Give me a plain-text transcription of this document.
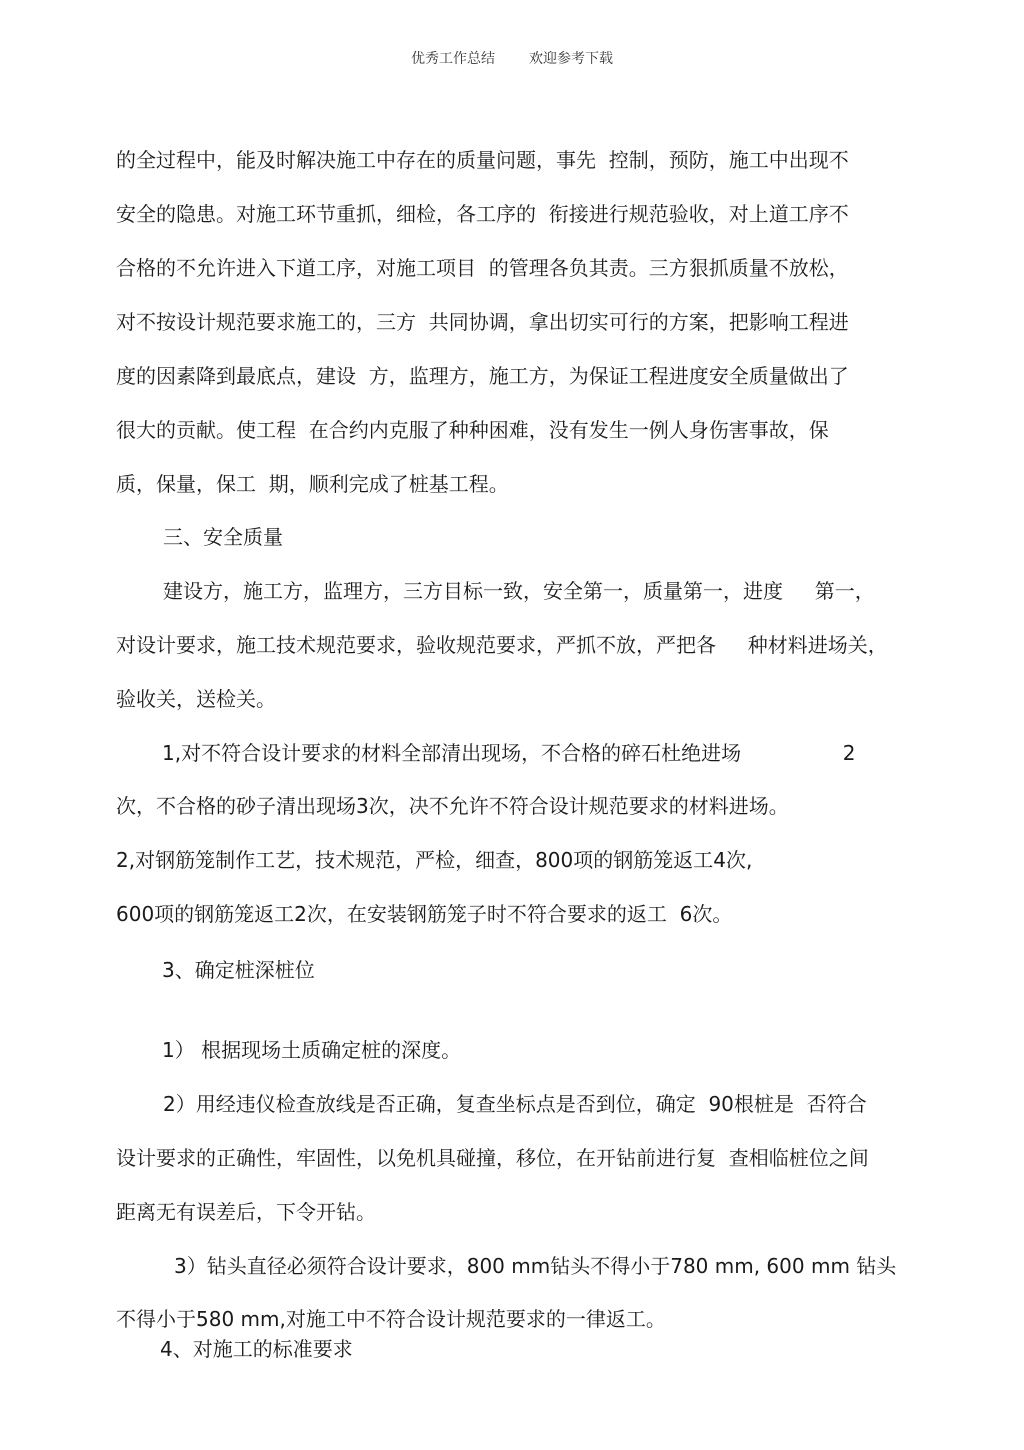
优秀工作总结 欢迎参考下载
的全过程中，能及时解决施工中存在的质量问题，事先  控制，预防，施工中出现不
安全的隐患。对施工环节重抓，细检，各工序的  衔接进行规范验收，对上道工序不
合格的不允许进入下道工序，对施工项目  的管理各负其责。三方狠抓质量不放松，
对不按设计规范要求施工的，三方  共同协调，拿出切实可行的方案，把影响工程进
度的因素降到最底点，建设  方，监理方，施工方，为保证工程进度安全质量做出了
很大的贡献。使工程  在合约内克服了种种困难，没有发生一例人身伤害事故，保
质，保量，保工  期，顺利完成了桩基工程。
三、安全质量
建设方，施工方，监理方，三方目标一致，安全第一，质量第一，进度     第一，
对设计要求，施工技术规范要求，验收规范要求，严抓不放，严把各     种材料进场关，
验收关，送检关。
1,对不符合设计要求的材料全部清出现场，不合格的碎石杜绝进场                2
次，不合格的砂子清出现场3次，决不允许不符合设计规范要求的材料进场。
2,对钢筋笼制作工艺，技术规范，严检，细查，800项的钢筋笼返工4次,
600项的钢筋笼返工2次，在安装钢筋笼子时不符合要求的返工  6次。
3、确定桩深桩位
1） 根据现场土质确定桩的深度。
2）用经违仪检查放线是否正确，复查坐标点是否到位，确定  90根桩是  否符合
设计要求的正确性，牢固性，以免机具碰撞，移位，在开钻前进行复  查相临桩位之间
距离无有误差后，下令开钻。
3）钻头直径必须符合设计要求，800 mm钻头不得小于780 mm, 600 mm 钻头
不得小于580 mm,对施工中不符合设计规范要求的一律返工。
4、对施工的标准要求
